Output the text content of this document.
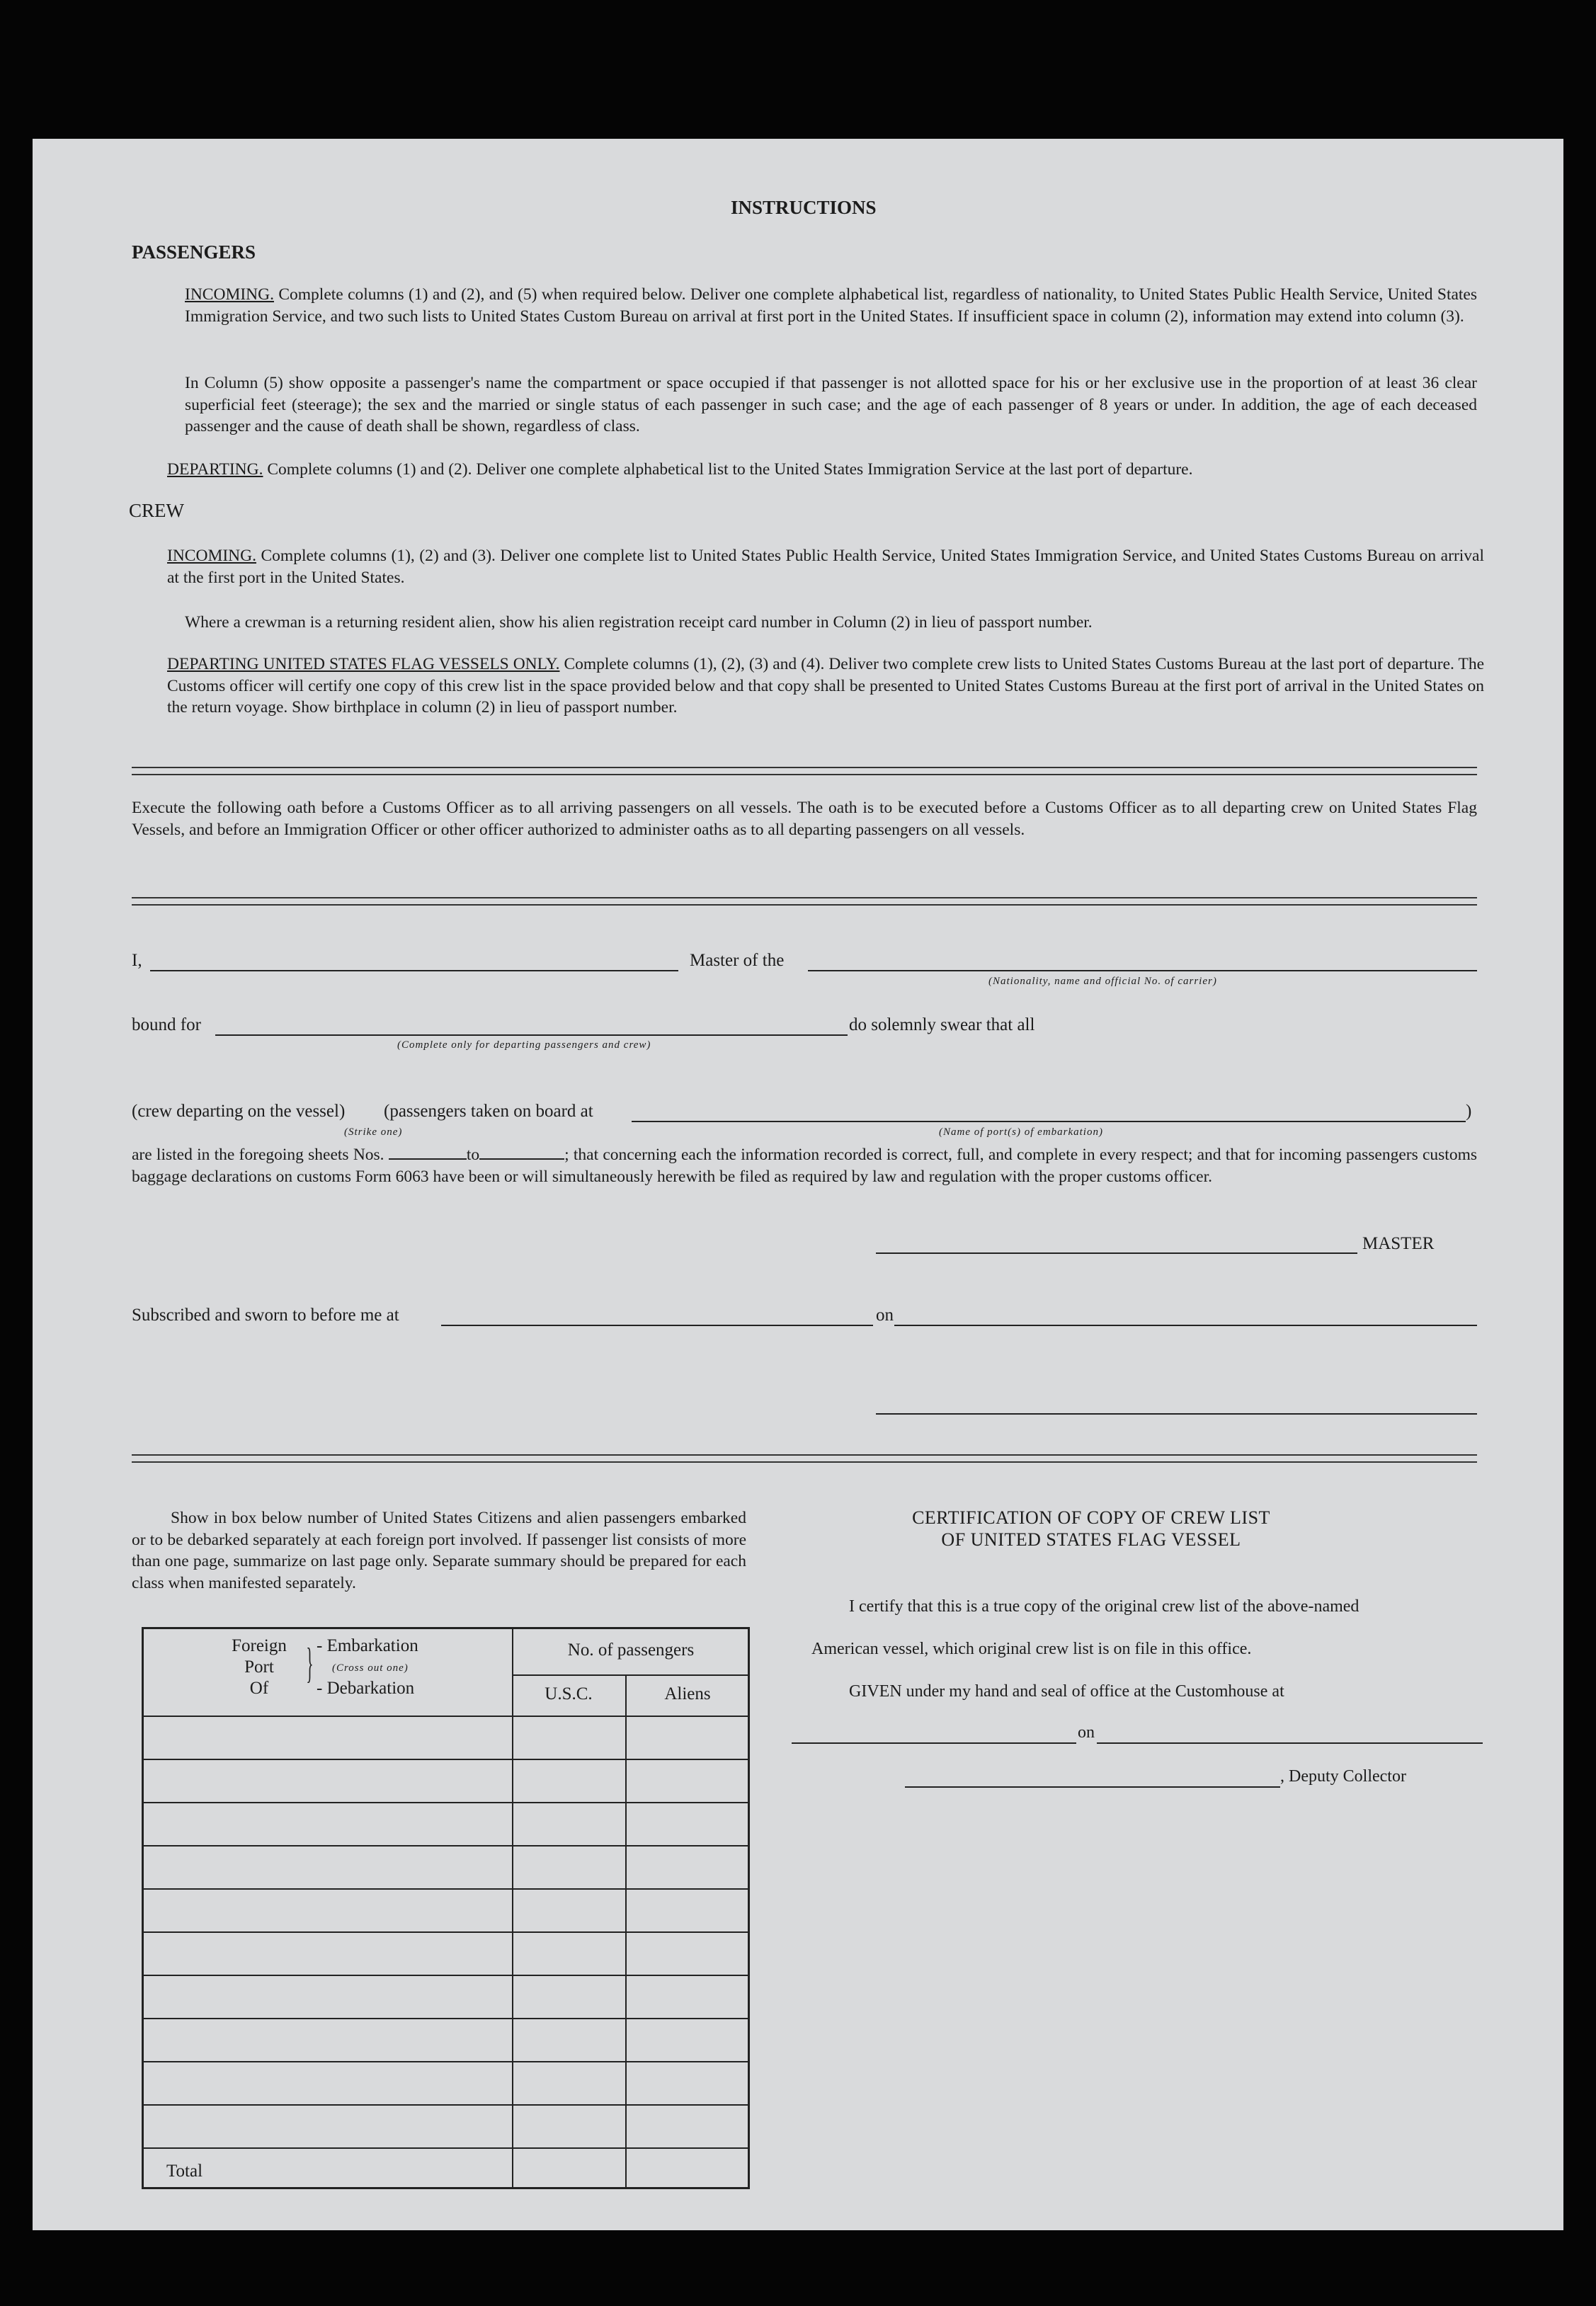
INSTRUCTIONS
PASSENGERS
INCOMING. Complete columns (1) and (2), and (5) when required below. Deliver one complete alphabetical list, regardless of nationality, to United States Public Health Service, United States Immigration Service, and two such lists to United States Custom Bureau on arrival at first port in the United States. If insufficient space in column (2), information may extend into column (3).
In Column (5) show opposite a passenger's name the compartment or space occupied if that passenger is not allotted space for his or her exclusive use in the proportion of at least 36 clear superficial feet (steerage); the sex and the married or single status of each passenger in such case; and the age of each passenger of 8 years or under. In addition, the age of each deceased passenger and the cause of death shall be shown, regardless of class.
DEPARTING. Complete columns (1) and (2). Deliver one complete alphabetical list to the United States Immigration Service at the last port of departure.
CREW
INCOMING. Complete columns (1), (2) and (3). Deliver one complete list to United States Public Health Service, United States Immigration Service, and United States Customs Bureau on arrival at the first port in the United States.
Where a crewman is a returning resident alien, show his alien registration receipt card number in Column (2) in lieu of passport number.
DEPARTING UNITED STATES FLAG VESSELS ONLY. Complete columns (1), (2), (3) and (4). Deliver two complete crew lists to United States Customs Bureau at the last port of departure. The Customs officer will certify one copy of this crew list in the space provided below and that copy shall be presented to United States Customs Bureau at the first port of arrival in the United States on the return voyage. Show birthplace in column (2) in lieu of passport number.
Execute the following oath before a Customs Officer as to all arriving passengers on all vessels. The oath is to be executed before a Customs Officer as to all departing crew on United States Flag Vessels, and before an Immigration Officer or other officer authorized to administer oaths as to all departing passengers on all vessels.
I,	Master of the
(Nationality, name and official No. of carrier)
bound for	do solemnly swear that all
(Complete only for departing passengers and crew)
(crew departing on the vessel) (passengers taken on board at	)
(Strike one)	(Name of port(s) of embarkation)
are listed in the foregoing sheets Nos.	to	; that concerning each the information recorded is correct, full, and complete in every respect; and that for incoming passengers customs baggage declarations on customs Form 6063 have been or will simultaneously herewith be filed as required by law and regulation with the proper customs officer.
MASTER
Subscribed and sworn to before me at	on
Show in box below number of United States Citizens and alien passengers embarked or to be debarked separately at each foreign port involved. If passenger list consists of more than one page, summarize on last page only. Separate summary should be prepared for each class when manifested separately.
Foreign
Port
Of
} - Embarkation
(Cross out one)
- Debarkation
No. of passengers
U.S.C.	Aliens
Total
CERTIFICATION OF COPY OF CREW LIST
OF UNITED STATES FLAG VESSEL
I certify that this is a true copy of the original crew list of the above-named
American vessel, which original crew list is on file in this office.
GIVEN under my hand and seal of office at the Customhouse at
on
, Deputy Collector
